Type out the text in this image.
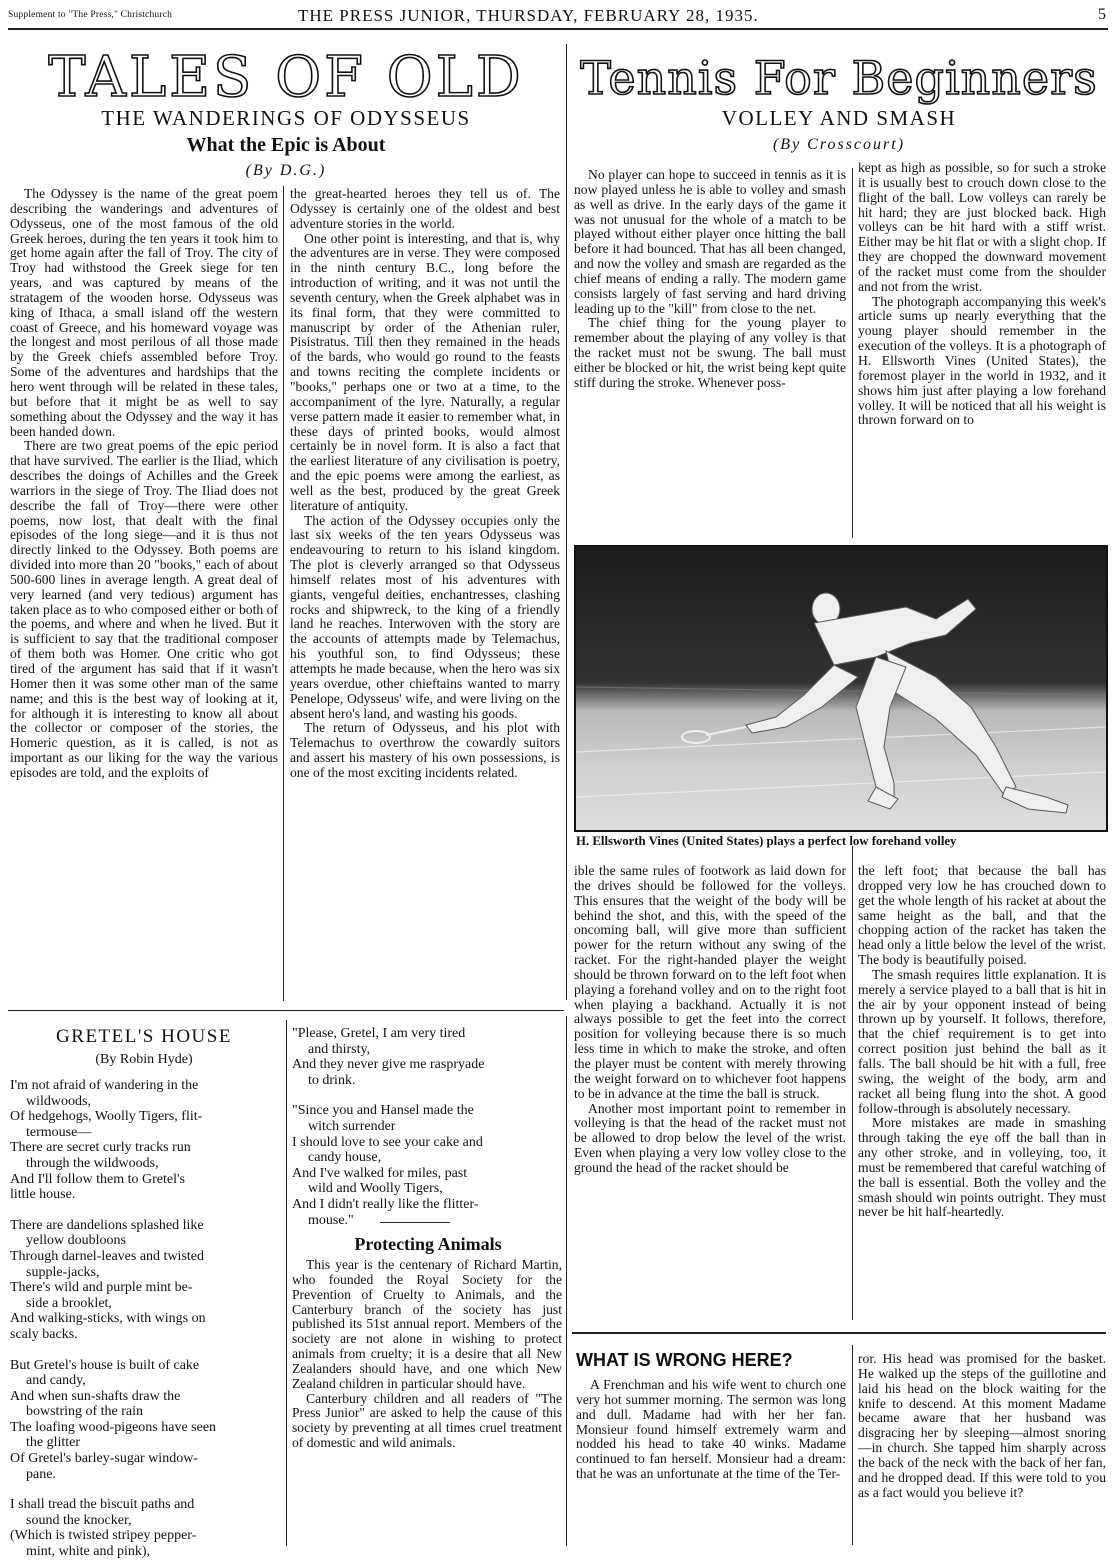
Supplement to "The Press," Christchurch	THE PRESS JUNIOR, THURSDAY, FEBRUARY 28, 1935.	5
TALES OF OLD
THE WANDERINGS OF ODYSSEUS
What the Epic is About
(By D.G.)

The Odyssey is the name of the great poem describing the wanderings and adventures of Odysseus, one of the most famous of the old Greek heroes, during the ten years it took him to get home again after the fall of Troy. The city of Troy had withstood the Greek siege for ten years, and was captured by means of the stratagem of the wooden horse. Odysseus was king of Ithaca, a small island off the western coast of Greece, and his homeward voyage was the longest and most perilous of all those made by the Greek chiefs assembled before Troy. Some of the adventures and hardships that the hero went through will be related in these tales, but before that it might be as well to say something about the Odyssey and the way it has been handed down.

There are two great poems of the epic period that have survived. The earlier is the Iliad, which describes the doings of Achilles and the Greek warriors in the siege of Troy. The Iliad does not describe the fall of Troy—there were other poems, now lost, that dealt with the final episodes of the long siege—and it is thus not directly linked to the Odyssey. Both poems are divided into more than 20 "books," each of about 500-600 lines in average length. A great deal of very learned (and very tedious) argument has taken place as to who composed either or both of the poems, and where and when he lived. But it is sufficient to say that the traditional composer of them both was Homer. One critic who got tired of the argument has said that if it wasn't Homer then it was some other man of the same name; and this is the best way of looking at it, for although it is interesting to know all about the collector or composer of the stories, the Homeric question, as it is called, is not as important as our liking for the way the various episodes are told, and the exploits of

the great-hearted heroes they tell us of. The Odyssey is certainly one of the oldest and best adventure stories in the world.

One other point is interesting, and that is, why the adventures are in verse. They were composed in the ninth century B.C., long before the introduction of writing, and it was not until the seventh century, when the Greek alphabet was in its final form, that they were committed to manuscript by order of the Athenian ruler, Pisistratus. Till then they remained in the heads of the bards, who would go round to the feasts and towns reciting the complete incidents or "books," perhaps one or two at a time, to the accompaniment of the lyre. Naturally, a regular verse pattern made it easier to remember what, in these days of printed books, would almost certainly be in novel form. It is also a fact that the earliest literature of any civilisation is poetry, and the epic poems were among the earliest, as well as the best, produced by the great Greek literature of antiquity.

The action of the Odyssey occupies only the last six weeks of the ten years Odysseus was endeavouring to return to his island kingdom. The plot is cleverly arranged so that Odysseus himself relates most of his adventures with giants, vengeful deities, enchantresses, clashing rocks and shipwreck, to the king of a friendly land he reaches. Interwoven with the story are the accounts of attempts made by Telemachus, his youthful son, to find Odysseus; these attempts he made because, when the hero was six years overdue, other chieftains wanted to marry Penelope, Odysseus' wife, and were living on the absent hero's land, and wasting his goods.

The return of Odysseus, and his plot with Telemachus to overthrow the cowardly suitors and assert his mastery of his own possessions, is one of the most exciting incidents related.

Tennis For Beginners
VOLLEY AND SMASH
(By Crosscourt)

No player can hope to succeed in tennis as it is now played unless he is able to volley and smash as well as drive. In the early days of the game it was not unusual for the whole of a match to be played without either player once hitting the ball before it had bounced. That has all been changed, and now the volley and smash are regarded as the chief means of ending a rally. The modern game consists largely of fast serving and hard driving leading up to the "kill" from close to the net.

The chief thing for the young player to remember about the playing of any volley is that the racket must not be swung. The ball must either be blocked or hit, the wrist being kept quite stiff during the stroke. Whenever poss-

kept as high as possible, so for such a stroke it is usually best to crouch down close to the flight of the ball. Low volleys can rarely be hit hard; they are just blocked back. High volleys can be hit hard with a stiff wrist. Either may be hit flat or with a slight chop. If they are chopped the downward movement of the racket must come from the shoulder and not from the wrist.

The photograph accompanying this week's article sums up nearly everything that the young player should remember in the execution of the volleys. It is a photograph of H. Ellsworth Vines (United States), the foremost player in the world in 1932, and it shows him just after playing a low forehand volley. It will be noticed that all his weight is thrown forward on to

H. Ellsworth Vines (United States) plays a perfect low forehand volley

ible the same rules of footwork as laid down for the drives should be followed for the volleys. This ensures that the weight of the body will be behind the shot, and this, with the speed of the oncoming ball, will give more than sufficient power for the return without any swing of the racket. For the right-handed player the weight should be thrown forward on to the left foot when playing a forehand volley and on to the right foot when playing a backhand. Actually it is not always possible to get the feet into the correct position for volleying because there is so much less time in which to make the stroke, and often the player must be content with merely throwing the weight forward on to whichever foot happens to be in advance at the time the ball is struck.

Another most important point to remember in volleying is that the head of the racket must not be allowed to drop below the level of the wrist. Even when playing a very low volley close to the ground the head of the racket should be

the left foot; that because the ball has dropped very low he has crouched down to get the whole length of his racket at about the same height as the ball, and that the chopping action of the racket has taken the head only a little below the level of the wrist. The body is beautifully poised.

The smash requires little explanation. It is merely a service played to a ball that is hit in the air by your opponent instead of being thrown up by yourself. It follows, therefore, that the chief requirement is to get into correct position just behind the ball as it falls. The ball should be hit with a full, free swing, the weight of the body, arm and racket all being flung into the shot. A good follow-through is absolutely necessary.

More mistakes are made in smashing through taking the eye off the ball than in any other stroke, and in volleying, too, it must be remembered that careful watching of the ball is essential. Both the volley and the smash should win points outright. They must never be hit half-heartedly.

GRETEL'S HOUSE
(By Robin Hyde)
I'm not afraid of wandering in the
wildwoods,
Of hedgehogs, Woolly Tigers, flit-
termouse—
There are secret curly tracks run
through the wildwoods,
And I'll follow them to Gretel's
little house.
There are dandelions splashed like
yellow doubloons
Through darnel-leaves and twisted
supple-jacks,
There's wild and purple mint be-
side a brooklet,
And walking-sticks, with wings on
scaly backs.
But Gretel's house is built of cake
and candy,
And when sun-shafts draw the
bowstring of the rain
The loafing wood-pigeons have seen
the glitter
Of Gretel's barley-sugar window-
pane.
I shall tread the biscuit paths and
sound the knocker,
(Which is twisted stripey pepper-
mint, white and pink),
"Please, Gretel, I am very tired
and thirsty,
And they never give me raspryade
to drink.
"Since you and Hansel made the
witch surrender
I should love to see your cake and
candy house,
And I've walked for miles, past
wild and Woolly Tigers,
And I didn't really like the flitter-
mouse."
Protecting Animals

This year is the centenary of Richard Martin, who founded the Royal Society for the Prevention of Cruelty to Animals, and the Canterbury branch of the society has just published its 51st annual report. Members of the society are not alone in wishing to protect animals from cruelty; it is a desire that all New Zealanders should have, and one which New Zealand children in particular should have.

Canterbury children and all readers of "The Press Junior" are asked to help the cause of this society by preventing at all times cruel treatment of domestic and wild animals.

WHAT IS WRONG HERE?

A Frenchman and his wife went to church one very hot summer morning. The sermon was long and dull. Madame had with her her fan. Monsieur found himself extremely warm and nodded his head to take 40 winks. Madame continued to fan herself. Monsieur had a dream: that he was an unfortunate at the time of the Ter-

ror. His head was promised for the basket. He walked up the steps of the guillotine and laid his head on the block waiting for the knife to descend. At this moment Madame became aware that her husband was disgracing her by sleeping—almost snoring—in church. She tapped him sharply across the back of the neck with the back of her fan, and he dropped dead. If this were told to you as a fact would you believe it?
